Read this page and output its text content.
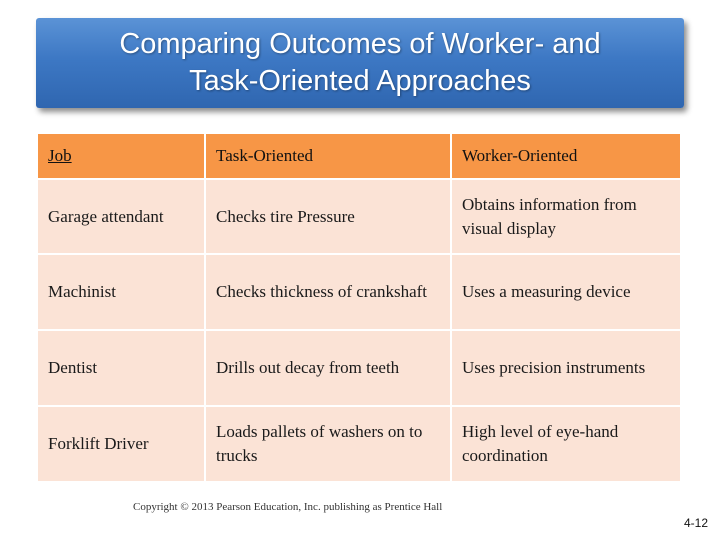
Comparing Outcomes of Worker- and
Task-Oriented Approaches
Job	Task-Oriented	Worker-Oriented
Garage attendant	Checks tire Pressure	Obtains information from visual display
Machinist	Checks thickness of crankshaft	Uses a measuring device
Dentist	Drills out decay from teeth	Uses precision instruments
Forklift Driver	Loads pallets of washers on to trucks	High level of eye-hand coordination
Copyright © 2013 Pearson Education, Inc. publishing as Prentice Hall
4-12
